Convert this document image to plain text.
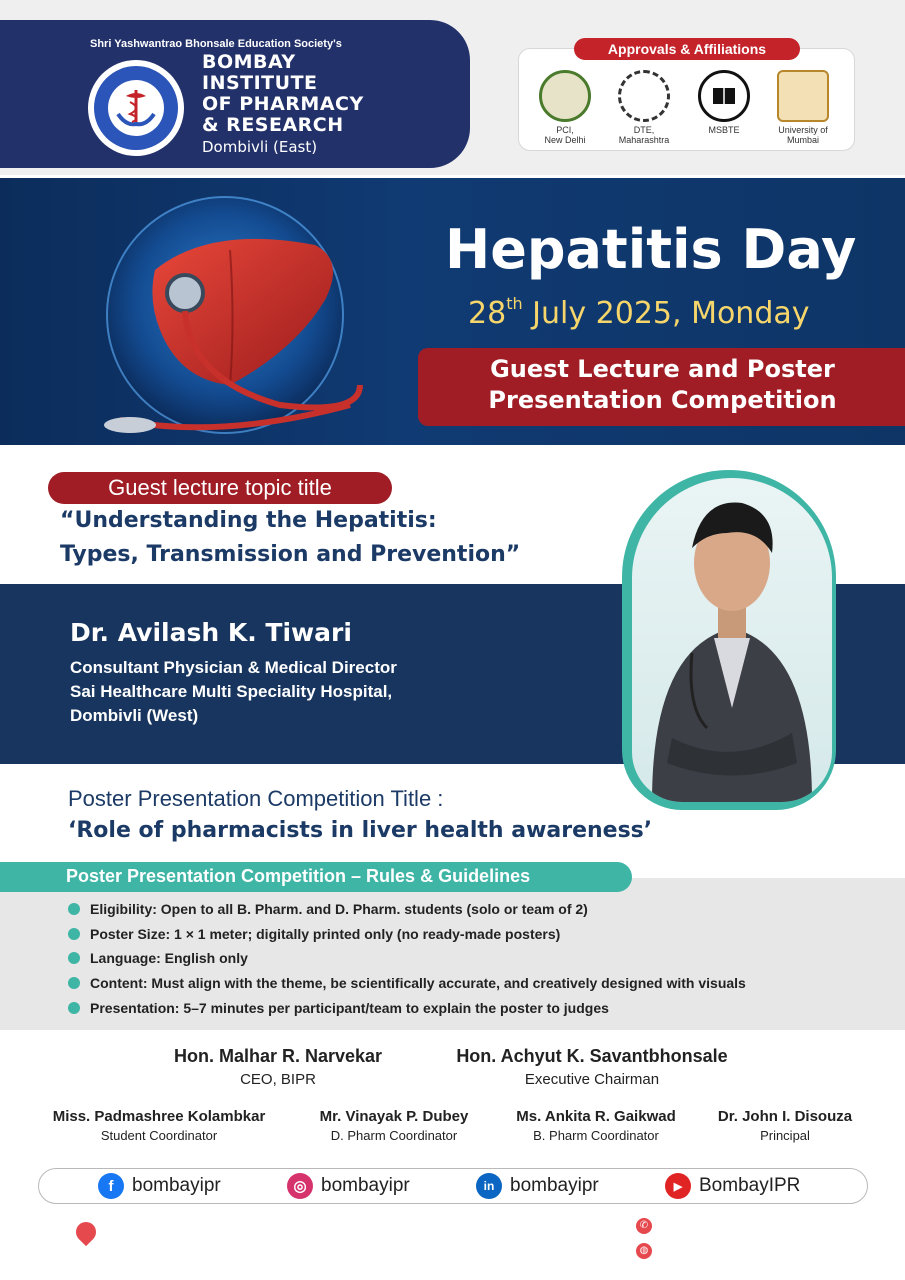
Shri Yashwantrao Bhonsale Education Society's
BOMBAY
INSTITUTE
OF PHARMACY
& RESEARCH
Dombivli (East)
Approvals & Affiliations
PCI,
New Delhi
DTE,
Maharashtra
MSBTE	University of
Mumbai
Hepatitis Day
28th July 2025, Monday
Guest Lecture and Poster
Presentation Competition
Guest lecture topic title
“Understanding the Hepatitis:
Types, Transmission and Prevention”
Dr. Avilash K. Tiwari
Consultant Physician & Medical Director
Sai Healthcare Multi Speciality Hospital,
Dombivli (West)
Poster Presentation Competition Title :
‘Role of pharmacists in liver health awareness’
Poster Presentation Competition – Rules & Guidelines
Eligibility: Open to all B. Pharm. and D. Pharm. students (solo or team of 2)
Poster Size: 1 × 1 meter; digitally printed only (no ready-made posters)
Language: English only
Content: Must align with the theme, be scientifically accurate, and creatively designed with visuals
Presentation: 5–7 minutes per participant/team to explain the poster to judges
Hon. Malhar R. Narvekar
CEO, BIPR
Hon. Achyut K. Savantbhonsale
Executive Chairman
Miss. Padmashree Kolambkar
Student Coordinator
Mr. Vinayak P. Dubey
D. Pharm Coordinator
Ms. Ankita R. Gaikwad
B. Pharm Coordinator
Dr. John I. Disouza
Principal
f bombayipr	◎ bombayipr	in bombayipr	▶ BombayIPR
Next to Lodha Panacea, Near Lodha Regency, Sandap,
Manpada-Diva Road, Dombivli (East), Maharashtra 421 204
✆ +91 92091 88966
◍ www.bipr.ac.in
